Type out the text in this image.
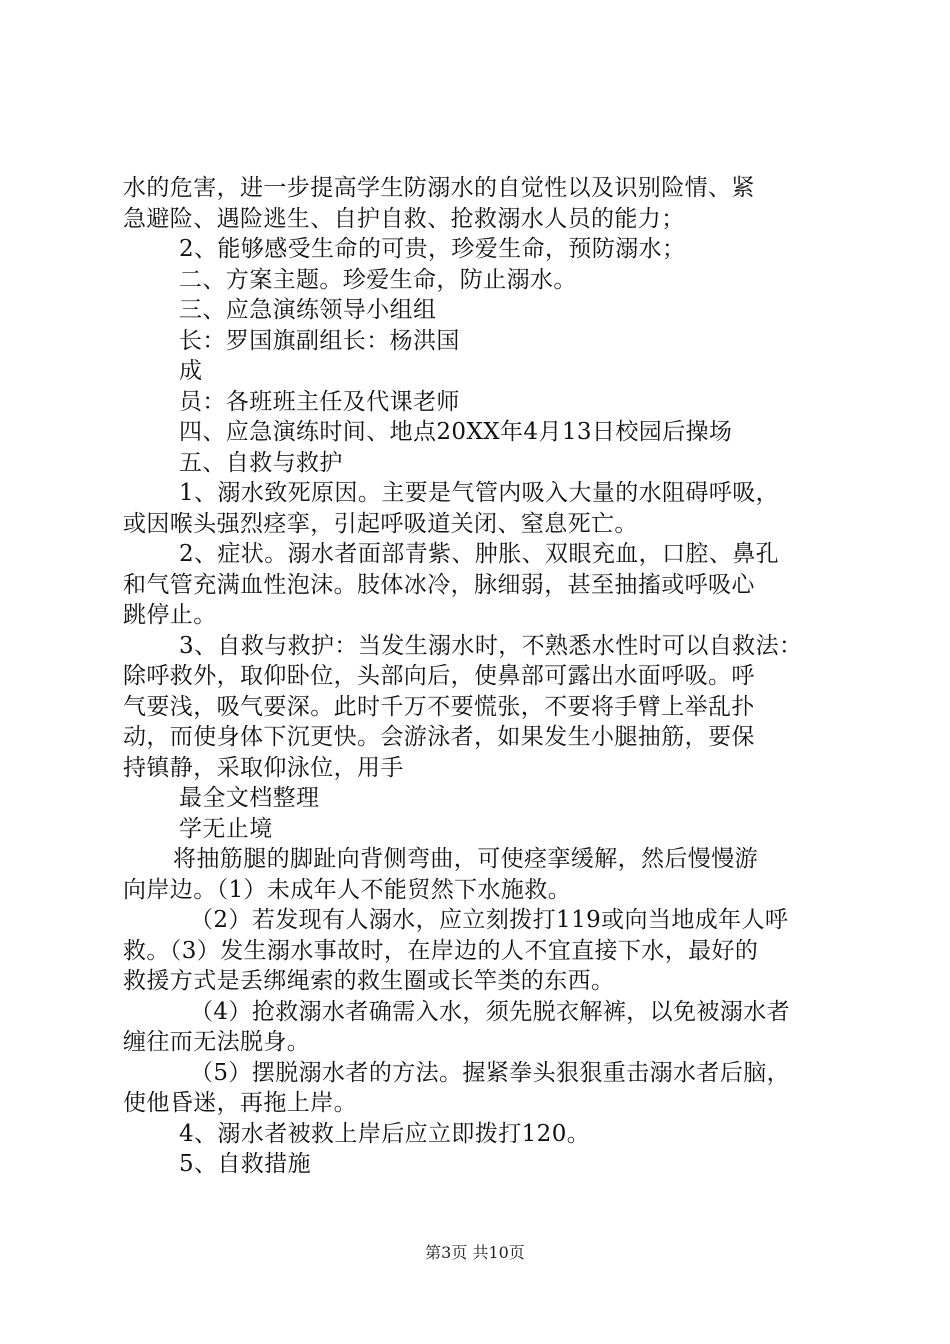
水的危害，进一步提高学生防溺水的自觉性以及识别险情、紧
急避险、遇险逃生、自护自救、抢救溺水人员的能力；
2、能够感受生命的可贵，珍爱生命，预防溺水；
二、方案主题。珍爱生命，防止溺水。
三、应急演练领导小组组
长：罗国旗副组长：杨洪国
成
员：各班班主任及代课老师
四、应急演练时间、地点20XX年4月13日校园后操场
五、自救与救护
1、溺水致死原因。主要是气管内吸入大量的水阻碍呼吸，
或因喉头强烈痉挛，引起呼吸道关闭、窒息死亡。
2、症状。溺水者面部青紫、肿胀、双眼充血，口腔、鼻孔
和气管充满血性泡沫。肢体冰冷，脉细弱，甚至抽搐或呼吸心
跳停止。
3、自救与救护：当发生溺水时，不熟悉水性时可以自救法：
除呼救外，取仰卧位，头部向后，使鼻部可露出水面呼吸。呼
气要浅，吸气要深。此时千万不要慌张，不要将手臂上举乱扑
动，而使身体下沉更快。会游泳者，如果发生小腿抽筋，要保
持镇静，采取仰泳位，用手
最全文档整理
学无止境
将抽筋腿的脚趾向背侧弯曲，可使痉挛缓解，然后慢慢游
向岸边。（1）未成年人不能贸然下水施救。
（2）若发现有人溺水，应立刻拨打119或向当地成年人呼
救。（3）发生溺水事故时，在岸边的人不宜直接下水，最好的
救援方式是丢绑绳索的救生圈或长竿类的东西。
（4）抢救溺水者确需入水，须先脱衣解裤，以免被溺水者
缠往而无法脱身。
（5）摆脱溺水者的方法。握紧拳头狠狠重击溺水者后脑，
使他昏迷，再拖上岸。
4、溺水者被救上岸后应立即拨打120。
5、自救措施
第3页 共10页
